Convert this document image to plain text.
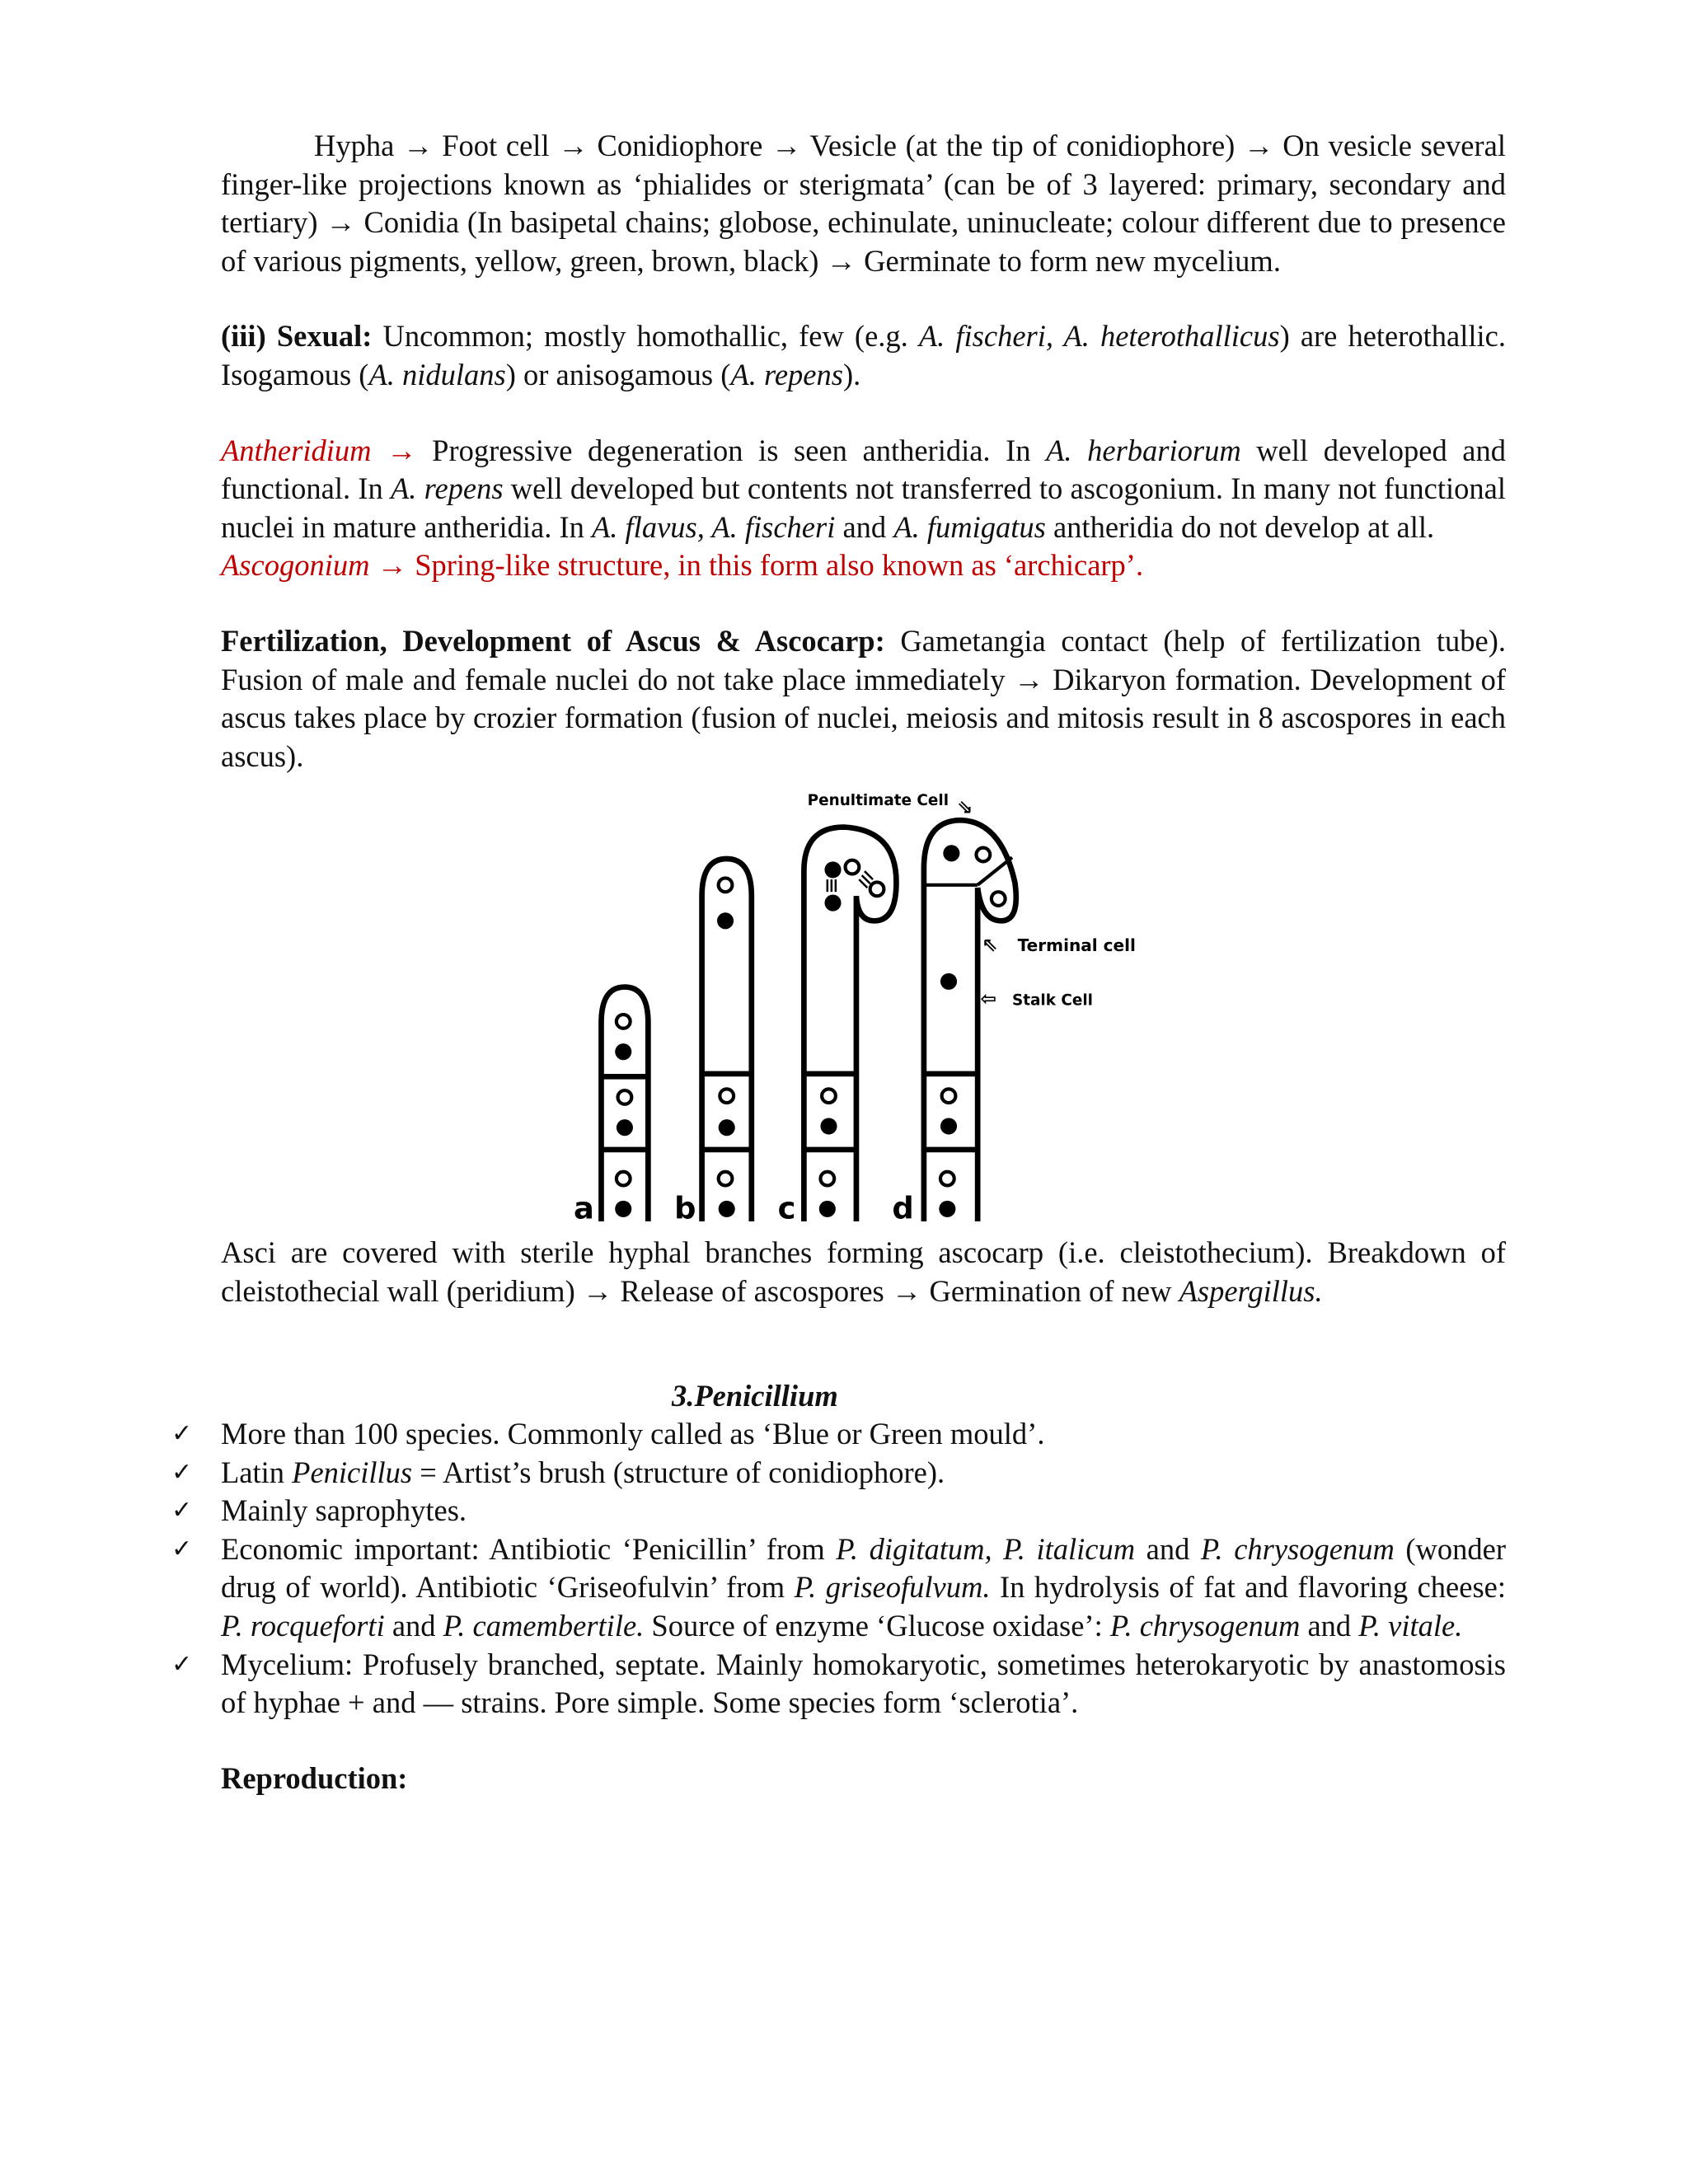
Hypha → Foot cell → Conidiophore → Vesicle (at the tip of conidiophore) → On vesicle several finger-like projections known as ‘phialides or sterigmata’ (can be of 3 layered: primary, secondary and tertiary) → Conidia (In basipetal chains; globose, echinulate, uninucleate; colour different due to presence of various pigments, yellow, green, brown, black) → Germinate to form new mycelium.

(iii) Sexual: Uncommon; mostly homothallic, few (e.g. A. fischeri, A. heterothallicus) are heterothallic. Isogamous (A. nidulans) or anisogamous (A. repens).

Antheridium → Progressive degeneration is seen antheridia. In A. herbariorum well developed and functional. In A. repens well developed but contents not transferred to ascogonium. In many not functional nuclei in mature antheridia. In A. flavus, A. fischeri and A. fumigatus antheridia do not develop at all.

Ascogonium → Spring-like structure, in this form also known as ‘archicarp’.

Fertilization, Development of Ascus & Ascocarp: Gametangia contact (help of fertilization tube). Fusion of male and female nuclei do not take place immediately → Dikaryon formation. Development of ascus takes place by crozier formation (fusion of nuclei, meiosis and mitosis result in 8 ascospores in each ascus).

a	b	c	d
Penultimate Cell ⇘
⇖ Terminal cell
⇦ Stalk Cell

Asci are covered with sterile hyphal branches forming ascocarp (i.e. cleistothecium). Breakdown of cleistothecial wall (peridium) → Release of ascospores → Germination of new Aspergillus.

3.Penicillium
✓ More than 100 species. Commonly called as ‘Blue or Green mould’.
✓ Latin Penicillus = Artist’s brush (structure of conidiophore).
✓ Mainly saprophytes.
✓ Economic important: Antibiotic ‘Penicillin’ from P. digitatum, P. italicum and P. chrysogenum (wonder drug of world). Antibiotic ‘Griseofulvin’ from P. griseofulvum. In hydrolysis of fat and flavoring cheese: P. rocqueforti and P. camembertile. Source of enzyme ‘Glucose oxidase’: P. chrysogenum and P. vitale.
✓ Mycelium: Profusely branched, septate. Mainly homokaryotic, sometimes heterokaryotic by anastomosis of hyphae + and — strains. Pore simple. Some species form ‘sclerotia’.

Reproduction:
